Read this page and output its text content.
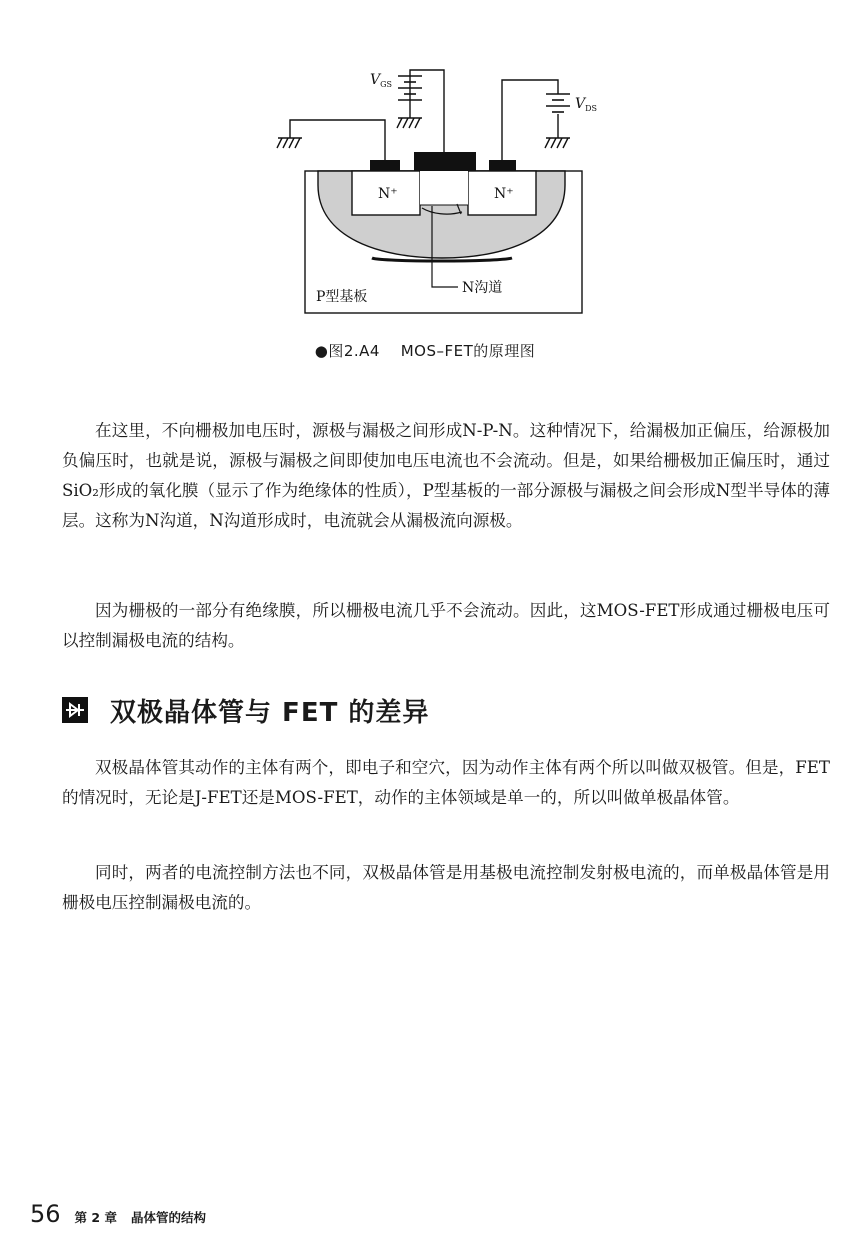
$V_{GS}$
$V_{DS}$
N⁺	N⁺
N沟道
P型基板
●图2.A4　 MOS–FET的原理图

在这里，不向栅极加电压时，源极与漏极之间形成N-P-N。这种情况下，给漏极加正偏压，给源极加负偏压时，也就是说，源极与漏极之间即使加电压电流也不会流动。但是，如果给栅极加正偏压时，通过SiO₂形成的氧化膜（显示了作为绝缘体的性质），P型基板的一部分源极与漏极之间会形成N型半导体的薄层。这称为N沟道，N沟道形成时，电流就会从漏极流向源极。

因为栅极的一部分有绝缘膜，所以栅极电流几乎不会流动。因此，这MOS-FET形成通过栅极电压可以控制漏极电流的结构。

双极晶体管与 FET 的差异

双极晶体管其动作的主体有两个，即电子和空穴，因为动作主体有两个所以叫做双极管。但是，FET的情况时，无论是J-FET还是MOS-FET，动作的主体领域是单一的，所以叫做单极晶体管。

同时，两者的电流控制方法也不同，双极晶体管是用基极电流控制发射极电流的，而单极晶体管是用栅极电压控制漏极电流的。

56 第 2 章 晶体管的结构
